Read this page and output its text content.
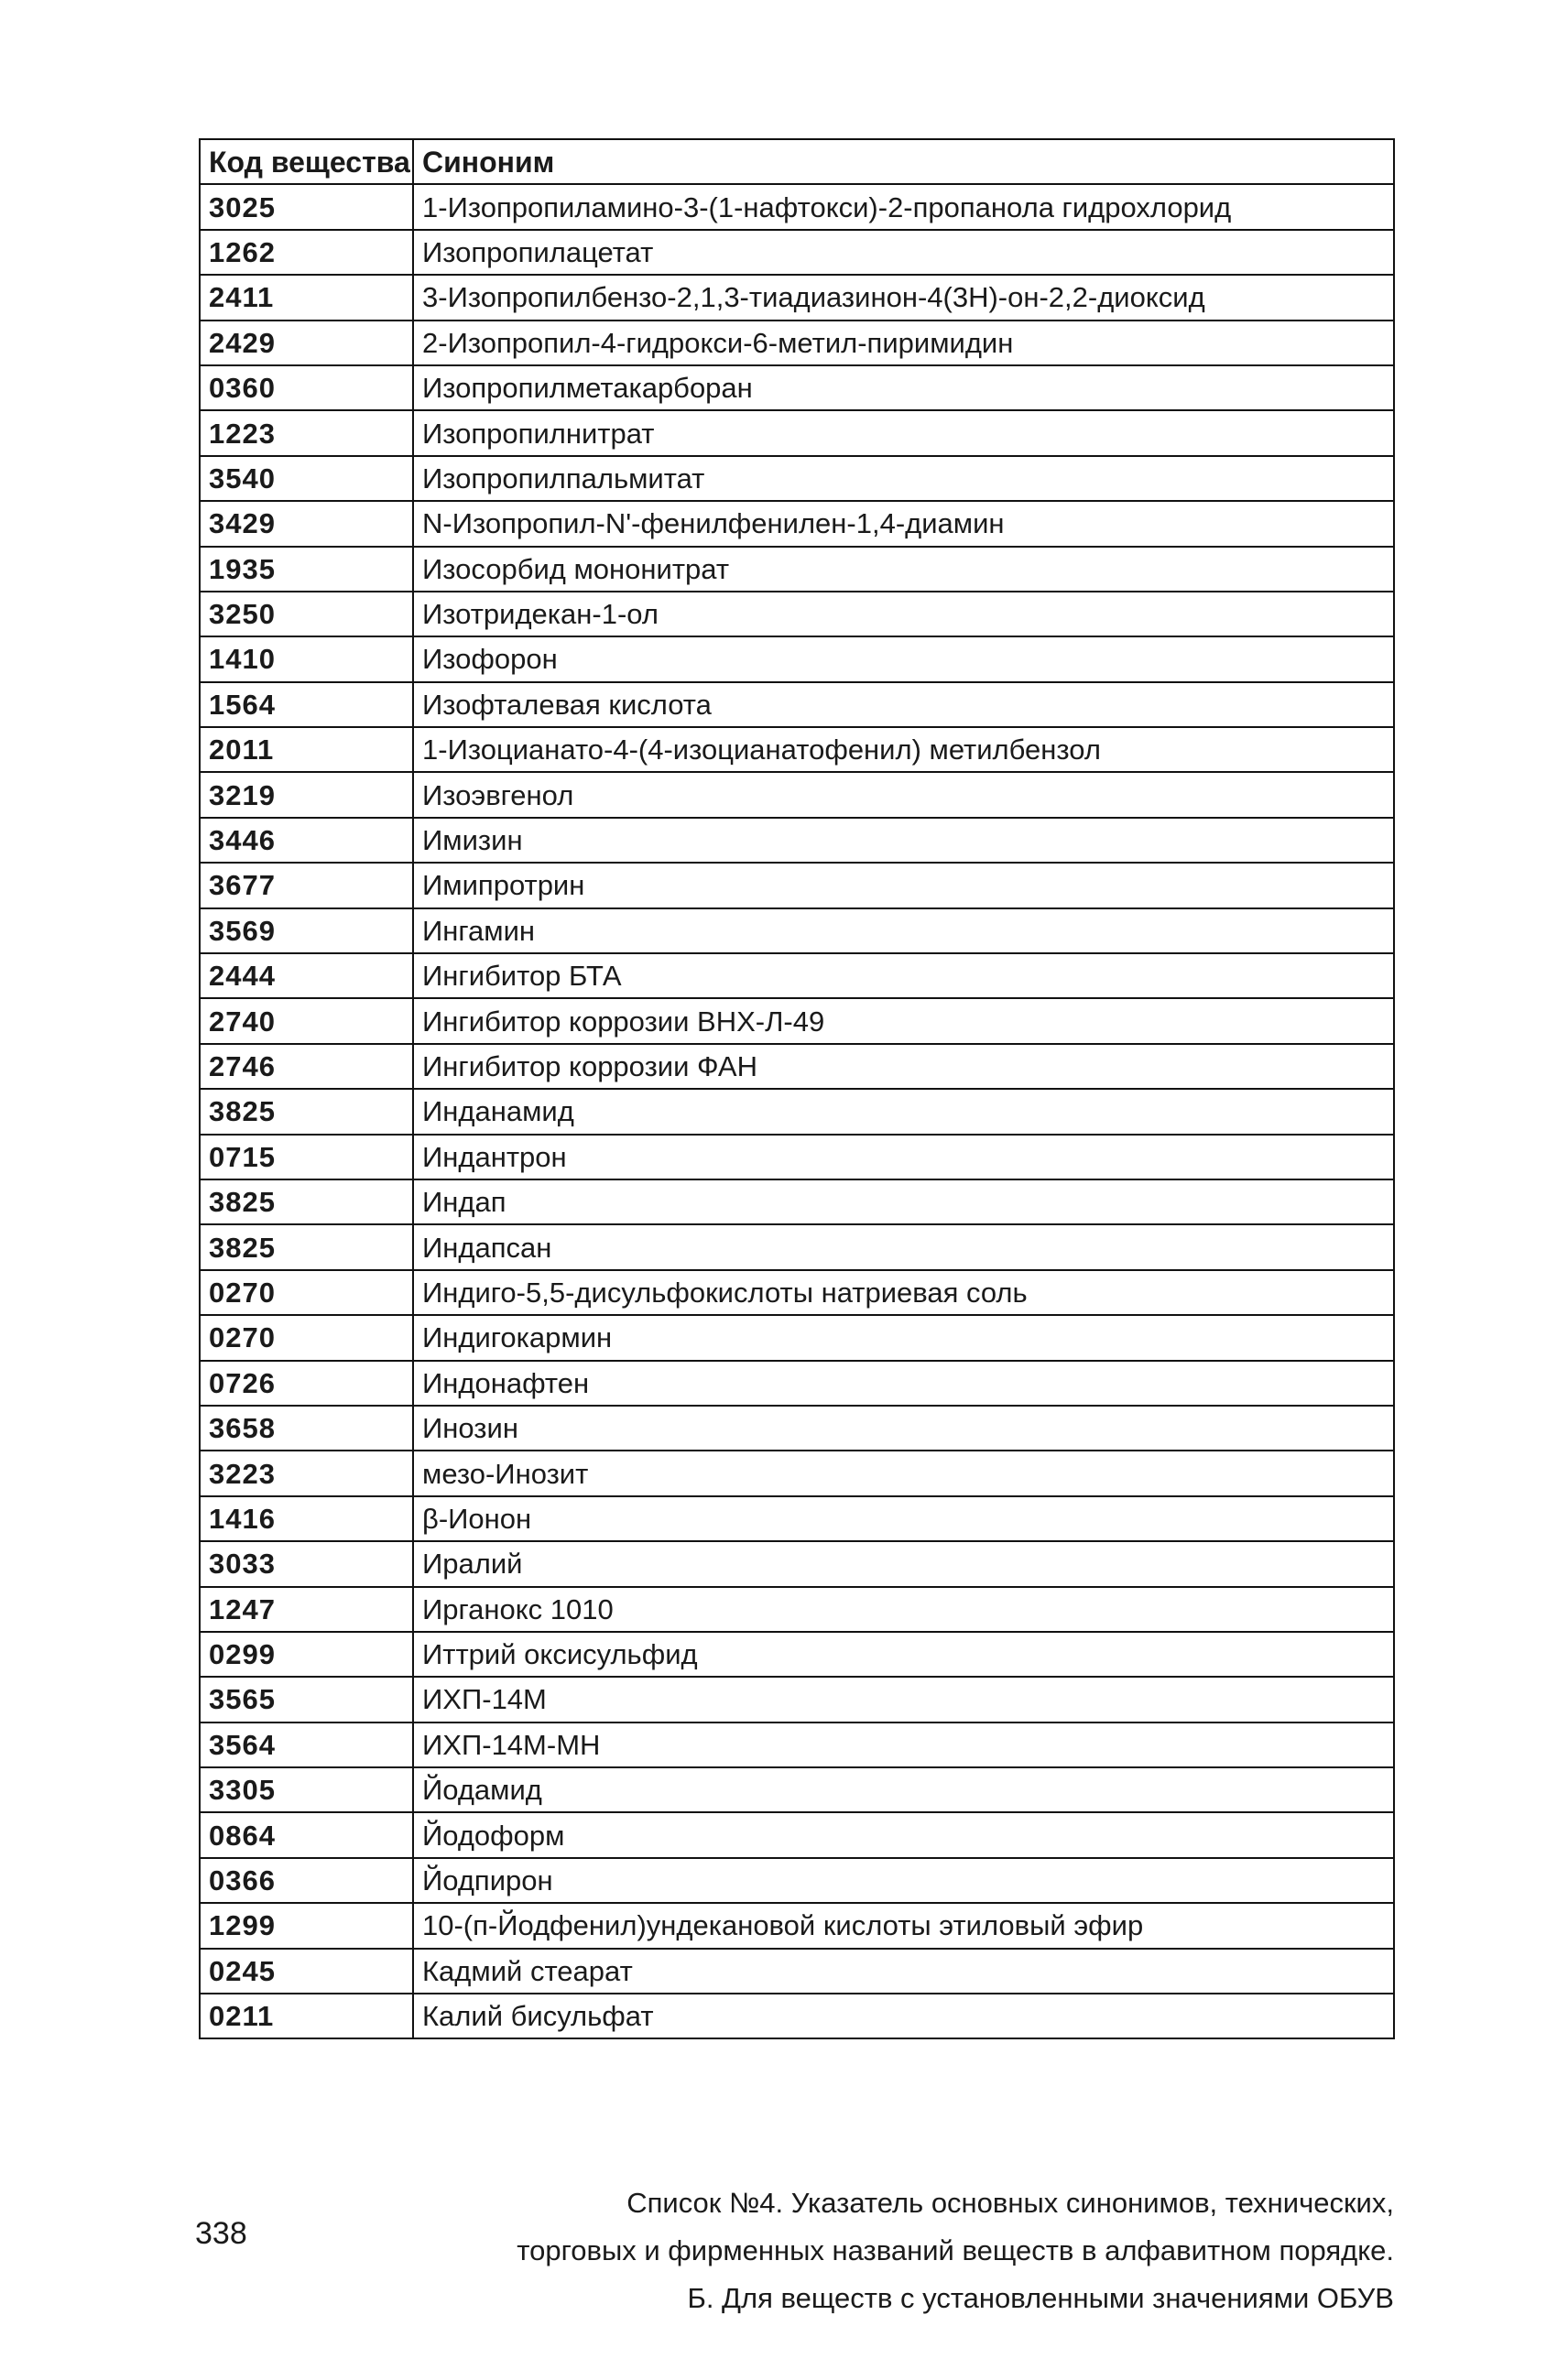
Код вещества	Синоним
3025	1-Изопропиламино-3-(1-нафтокси)-2-пропанола гидрохлорид
1262	Изопропилацетат
2411	3-Изопропилбензо-2,1,3-тиадиазинон-4(3Н)-он-2,2-диоксид
2429	2-Изопропил-4-гидрокси-6-метил-пиримидин
0360	Изопропилметакарборан
1223	Изопропилнитрат
3540	Изопропилпальмитат
3429	N-Изопропил-N'-фенилфенилен-1,4-диамин
1935	Изосорбид мононитрат
3250	Изотридекан-1-ол
1410	Изофорон
1564	Изофталевая кислота
2011	1-Изоцианато-4-(4-изоцианатофенил) метилбензол
3219	Изоэвгенол
3446	Имизин
3677	Имипротрин
3569	Ингамин
2444	Ингибитор БТА
2740	Ингибитор коррозии ВНХ-Л-49
2746	Ингибитор коррозии ФАН
3825	Инданамид
0715	Индантрон
3825	Индап
3825	Индапсан
0270	Индиго-5,5-дисульфокислоты натриевая соль
0270	Индигокармин
0726	Индонафтен
3658	Инозин
3223	мезо-Инозит
1416	β-Ионон
3033	Иралий
1247	Ирганокс 1010
0299	Иттрий оксисульфид
3565	ИХП-14М
3564	ИХП-14М-МН
3305	Йодамид
0864	Йодоформ
0366	Йодпирон
1299	10-(п-Йодфенил)ундекановой кислоты этиловый эфир
0245	Кадмий стеарат
0211	Калий бисульфат
338
Список №4. Указатель основных синонимов, технических,
торговых и фирменных названий веществ в алфавитном порядке.
Б. Для веществ с установленными значениями ОБУВ
